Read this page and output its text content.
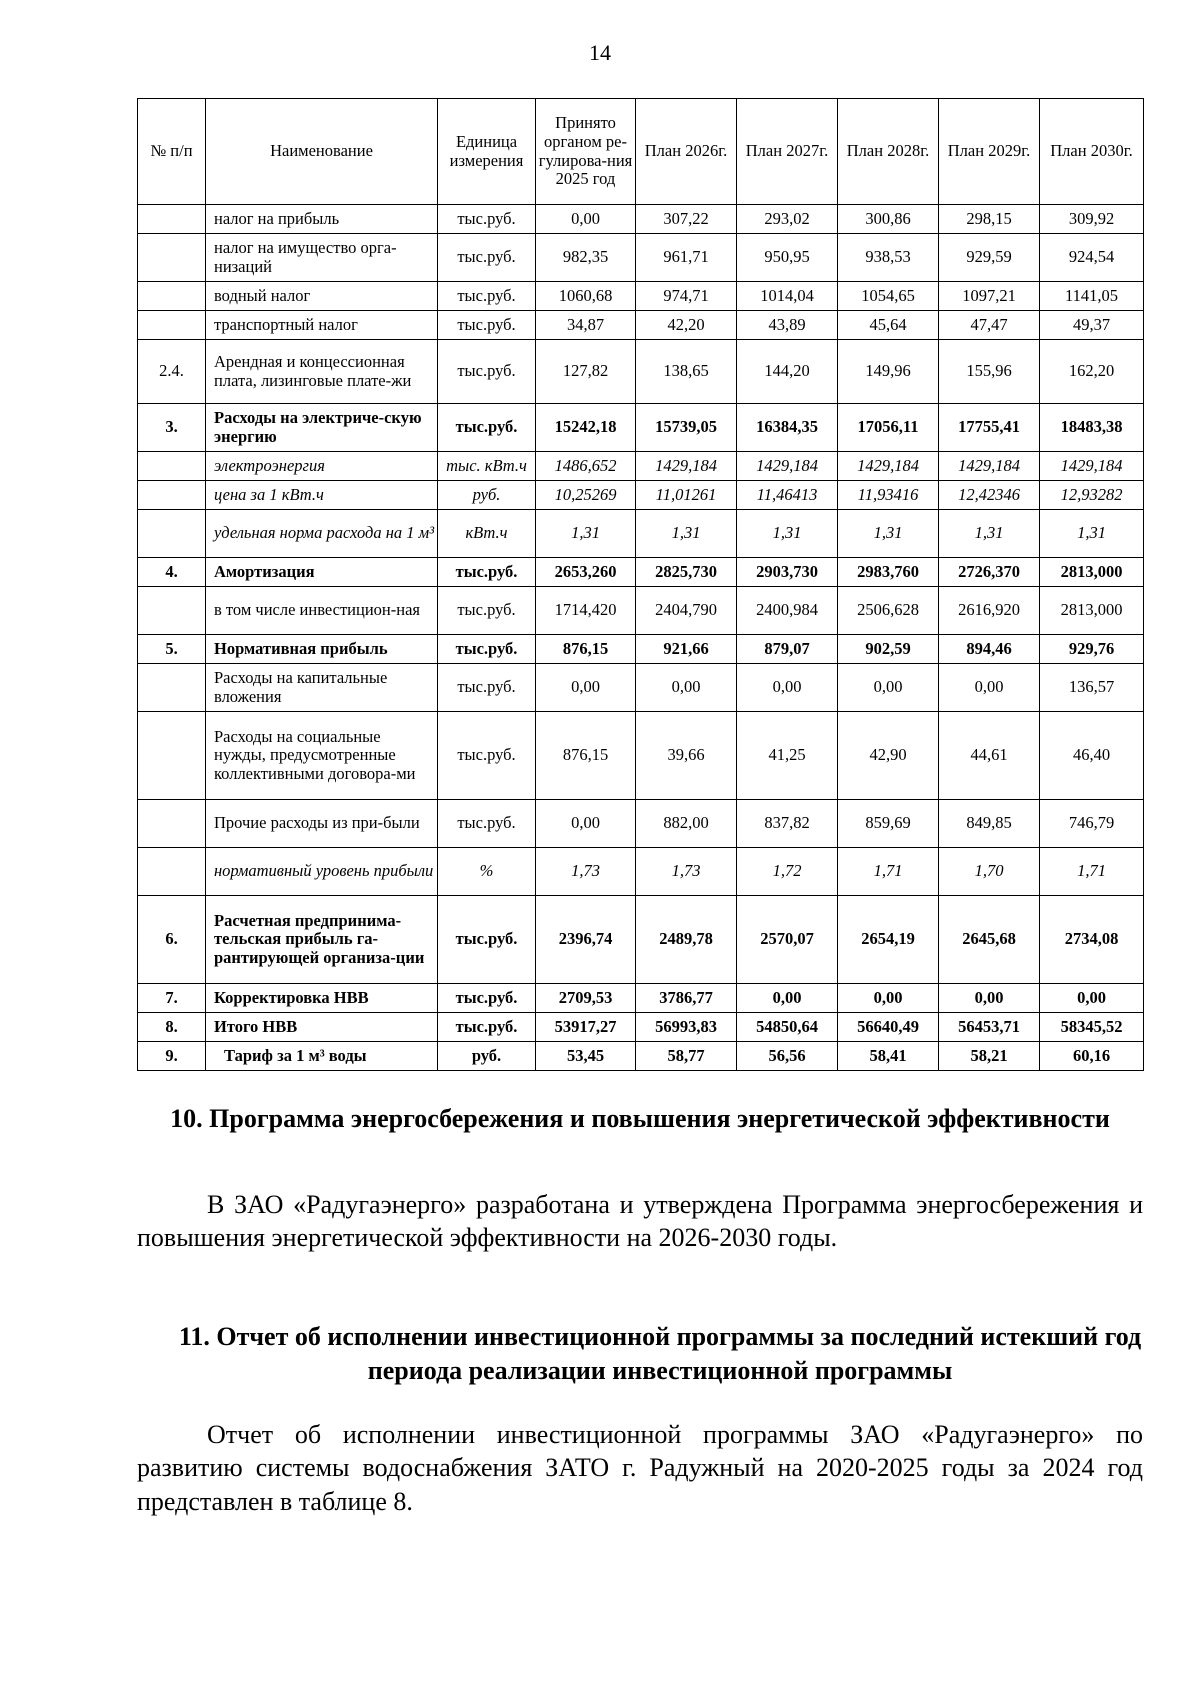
14
№ п/п	Наименование	Единица измерения	Принято органом ре-гулирова-ния 2025 год	План 2026г.	План 2027г.	План 2028г.	План 2029г.	План 2030г.
	налог на прибыль	тыс.руб.	0,00	307,22	293,02	300,86	298,15	309,92
	налог на имущество орга-низаций	тыс.руб.	982,35	961,71	950,95	938,53	929,59	924,54
	водный налог	тыс.руб.	1060,68	974,71	1014,04	1054,65	1097,21	1141,05
	транспортный налог	тыс.руб.	34,87	42,20	43,89	45,64	47,47	49,37
2.4.	Арендная и концессионная плата, лизинговые плате-жи	тыс.руб.	127,82	138,65	144,20	149,96	155,96	162,20
3.	Расходы на электриче-скую энергию	тыс.руб.	15242,18	15739,05	16384,35	17056,11	17755,41	18483,38
	электроэнергия	тыс. кВт.ч	1486,652	1429,184	1429,184	1429,184	1429,184	1429,184
	цена за 1 кВт.ч	руб.	10,25269	11,01261	11,46413	11,93416	12,42346	12,93282
	удельная норма расхода на 1 м³	кВт.ч	1,31	1,31	1,31	1,31	1,31	1,31
4.	Амортизация	тыс.руб.	2653,260	2825,730	2903,730	2983,760	2726,370	2813,000
	в том числе инвестицион-ная	тыс.руб.	1714,420	2404,790	2400,984	2506,628	2616,920	2813,000
5.	Нормативная прибыль	тыс.руб.	876,15	921,66	879,07	902,59	894,46	929,76
	Расходы на капитальные вложения	тыс.руб.	0,00	0,00	0,00	0,00	0,00	136,57
	Расходы на социальные нужды, предусмотренные коллективными договора-ми	тыс.руб.	876,15	39,66	41,25	42,90	44,61	46,40
	Прочие расходы из при-были	тыс.руб.	0,00	882,00	837,82	859,69	849,85	746,79
	нормативный уровень прибыли	%	1,73	1,73	1,72	1,71	1,70	1,71
6.	Расчетная предпринима-тельская прибыль га-рантирующей организа-ции	тыс.руб.	2396,74	2489,78	2570,07	2654,19	2645,68	2734,08
7.	Корректировка НВВ	тыс.руб.	2709,53	3786,77	0,00	0,00	0,00	0,00
8.	Итого НВВ	тыс.руб.	53917,27	56993,83	54850,64	56640,49	56453,71	58345,52
9.	Тариф за 1 м³ воды	руб.	53,45	58,77	56,56	58,41	58,21	60,16
10. Программа энергосбережения и повышения энергетической эффективности

В ЗАО «Радугаэнерго» разработана и утверждена Программа энергосбережения и повышения энергетической эффективности на 2026-2030 годы.

11. Отчет об исполнении инвестиционной программы за последний истекший год периода реализации инвестиционной программы

Отчет об исполнении инвестиционной программы ЗАО «Радугаэнерго» по развитию системы водоснабжения ЗАТО г. Радужный на 2020-2025 годы за 2024 год представлен в таблице 8.
